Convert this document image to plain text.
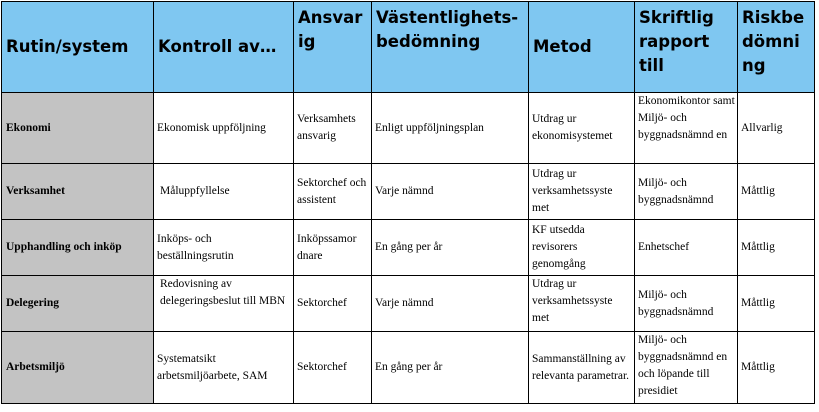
Rutin/system	Kontroll av…	Ansvarig	Västentlighets-bedömning	Metod	Skriftlig rapport till	Riskbedömning
Ekonomi	Ekonomisk uppföljning	Verksamhets ansvarig	Enligt uppföljningsplan	Utdrag ur ekonomisystemet	Ekonomikontor samt Miljö- och byggnadsnämnd en	Allvarlig
Verksamhet	Måluppfyllelse	Sektorchef och assistent	Varje nämnd	Utdrag ur verksamhetssyste met	Miljö- och byggnadsnämnd	Måttlig
Upphandling och inköp	Inköps- och beställningsrutin	Inköpssamor dnare	En gång per år	KF utsedda revisorers genomgång	Enhetschef	Måttlig
Delegering	Redovisning av delegeringsbeslut till MBN	Sektorchef	Varje nämnd	Utdrag ur verksamhetssyste met	Miljö- och byggnadsnämnd	Måttlig
Arbetsmiljö	Systematsikt arbetsmiljöarbete, SAM	Sektorchef	En gång per år	Sammanställning av relevanta parametrar.	Miljö- och byggnadsnämnd en och löpande till presidiet	Måttlig
